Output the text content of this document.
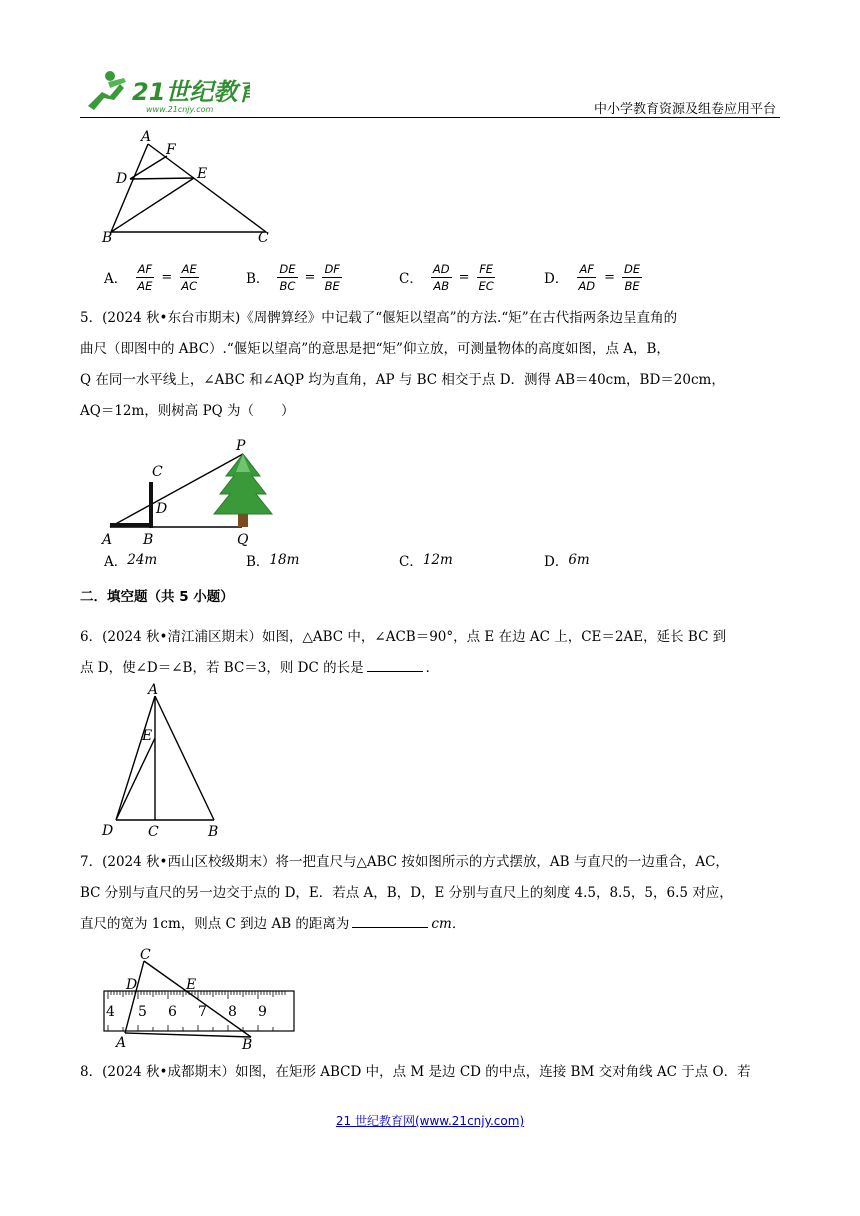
21世纪教育
www.21cnjy.com	中小学教育资源及组卷应用平台
A
F
D	E
B	C
A． $\frac{AF}{AE} = \frac{AE}{AC}$	B． $\frac{DE}{BC} = \frac{DF}{BE}$	C． $\frac{AD}{AB} = \frac{FE}{EC}$	D． $\frac{AF}{AD} = \frac{DE}{BE}$
5．(2024 秋•东台市期末)《周髀算经》中记载了“偃矩以望高”的方法.“矩”在古代指两条边呈直角的
曲尺（即图中的 ABC）.“偃矩以望高”的意思是把“矩”仰立放，可测量物体的高度如图，点 A，B，
Q 在同一水平线上，∠ABC 和∠AQP 均为直角，AP 与 BC 相交于点 D．测得 AB＝40cm，BD＝20cm，
AQ＝12m，则树高 PQ 为（　　）
P
C
D
A B	Q
A． 24m	B． 18m	C． 12m	D． 6m
二．填空题（共 5 小题）
6．(2024 秋•清江浦区期末）如图，△ABC 中，∠ACB＝90°，点 E 在边 AC 上，CE＝2AE，延长 BC 到
点 D，使∠D＝∠B，若 BC＝3，则 DC 的长是	．
A
E
D C	B
7．(2024 秋•西山区校级期末）将一把直尺与△ABC 按如图所示的方式摆放，AB 与直尺的一边重合，AC，
BC 分别与直尺的另一边交于点的 D，E．若点 A，B，D，E 分别与直尺上的刻度 4.5，8.5，5，6.5 对应，
直尺的宽为 1cm，则点 C 到边 AB 的距离为	cm．
4 5 6 7 8 9
C
D	E
A	B
8．(2024 秋•成都期末）如图，在矩形 ABCD 中，点 M 是边 CD 的中点，连接 BM 交对角线 AC 于点 O．若
21 世纪教育网(www.21cnjy.com)
